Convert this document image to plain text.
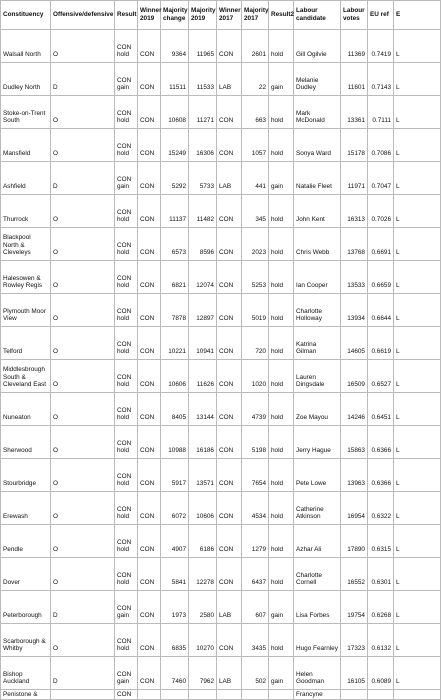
Constituency	Offensive/defensive	Result	Winner 2019	Majority change	Majority 2019	Winner 2017	Majority 2017	Result2	Labour candidate	Labour votes	EU ref	E
Walsall North	O	CON hold	CON	9364	11965	CON	2601	hold	Gill Ogilvie	11369	0.7419	L
Dudley North	D	CON gain	CON	11511	11533	LAB	22	gain	Melanie Dudley	11601	0.7143	L
Stoke-on-Trent South	O	CON hold	CON	10608	11271	CON	663	hold	Mark McDonald	13361	0.7111	L
Mansfield	O	CON hold	CON	15249	16306	CON	1057	hold	Sonya Ward	15178	0.7086	L
Ashfield	D	CON gain	CON	5292	5733	LAB	441	gain	Natalie Fleet	11971	0.7047	L
Thurrock	O	CON hold	CON	11137	11482	CON	345	hold	John Kent	16313	0.7026	L
Blackpool North & Cleveleys	O	CON hold	CON	6573	8596	CON	2023	hold	Chris Webb	13768	0.6691	L
Halesowen & Rowley Regis	O	CON hold	CON	6821	12074	CON	5253	hold	Ian Cooper	13533	0.6659	L
Plymouth Moor View	O	CON hold	CON	7878	12897	CON	5019	hold	Charlotte Holloway	13934	0.6644	L
Telford	O	CON hold	CON	10221	10941	CON	720	hold	Katrina Gilman	14605	0.6619	L
Middlesbrough South & Cleveland East	O	CON hold	CON	10606	11626	CON	1020	hold	Lauren Dingsdale	16509	0.6527	L
Nuneaton	O	CON hold	CON	8405	13144	CON	4739	hold	Zoe Mayou	14246	0.6451	L
Sherwood	O	CON hold	CON	10988	16186	CON	5198	hold	Jerry Hague	15863	0.6366	L
Stourbridge	O	CON hold	CON	5917	13571	CON	7654	hold	Pete Lowe	13963	0.6366	L
Erewash	O	CON hold	CON	6072	10606	CON	4534	hold	Catherine Atkinson	16954	0.6322	L
Pendle	O	CON hold	CON	4907	6186	CON	1279	hold	Azhar Ali	17890	0.6315	L
Dover	O	CON hold	CON	5841	12278	CON	6437	hold	Charlotte Cornell	16552	0.6301	L
Peterborough	D	CON gain	CON	1973	2580	LAB	607	gain	Lisa Forbes	19754	0.6268	L
Scarborough & Whitby	O	CON hold	CON	6835	10270	CON	3435	hold	Hugo Fearnley	17323	0.6132	L
Bishop Auckland	D	CON gain	CON	7460	7962	LAB	502	gain	Helen Goodman	16105	0.6089	L
Penistone &		CON							Francyne			
